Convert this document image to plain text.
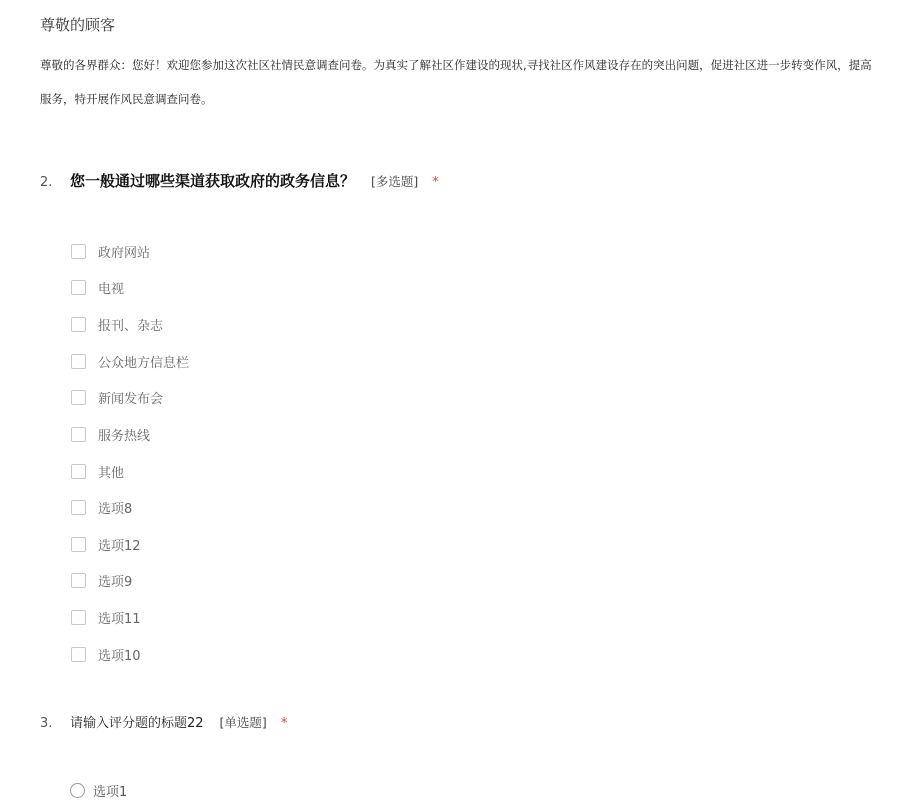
尊敬的顾客
尊敬的各界群众：您好！欢迎您参加这次社区社情民意调查问卷。为真实了解社区作建设的现状,寻找社区作风建设存在的突出问题，促进社区进一步转变作风，提高
服务，特开展作风民意调查问卷。
2.	您一般通过哪些渠道获取政府的政务信息？ [多选题] *
政府网站
电视
报刊、杂志
公众地方信息栏
新闻发布会
服务热线
其他
选项8
选项12
选项9
选项11
选项10
3.	请输入评分题的标题22 [单选题] *
选项1
